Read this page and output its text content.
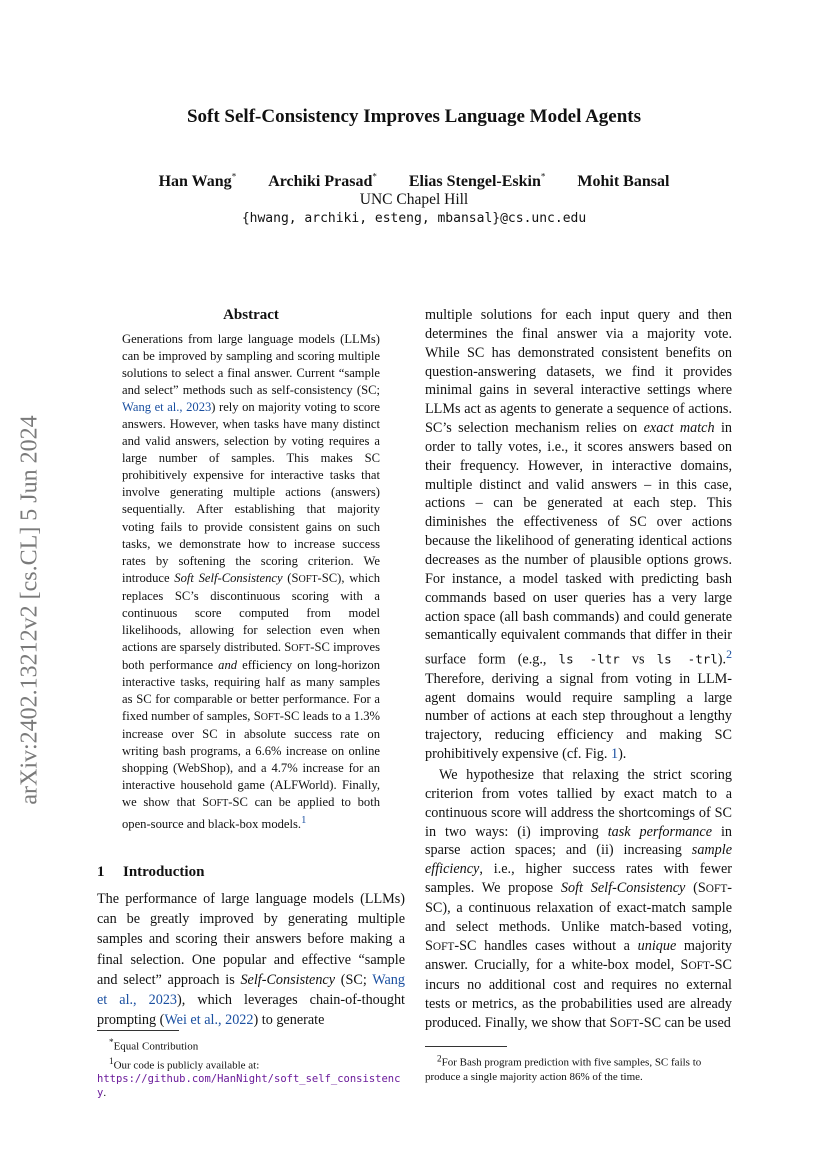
Soft Self-Consistency Improves Language Model Agents
Han Wang* Archiki Prasad* Elias Stengel-Eskin* Mohit Bansal
UNC Chapel Hill
{hwang, archiki, esteng, mbansal}@cs.unc.edu
arXiv:2402.13212v2 [cs.CL] 5 Jun 2024
Abstract
Generations from large language models (LLMs) can be improved by sampling and scoring multiple solutions to select a final answer. Current “sample and select” methods such as self-consistency (SC; Wang et al., 2023) rely on majority voting to score answers. However, when tasks have many distinct and valid answers, selection by voting requires a large number of samples. This makes SC prohibitively expensive for interactive tasks that involve generating multiple actions (answers) sequentially. After establishing that majority voting fails to provide consistent gains on such tasks, we demonstrate how to increase success rates by softening the scoring criterion. We introduce Soft Self-Consistency (SOFT-SC), which replaces SC’s discontinuous scoring with a continuous score computed from model likelihoods, allowing for selection even when actions are sparsely distributed. SOFT-SC improves both performance and efficiency on long-horizon interactive tasks, requiring half as many samples as SC for comparable or better performance. For a fixed number of samples, SOFT-SC leads to a 1.3% increase over SC in absolute success rate on writing bash programs, a 6.6% increase on online shopping (WebShop), and a 4.7% increase for an interactive household game (ALFWorld). Finally, we show that SOFT-SC can be applied to both open-source and black-box models.$^1$
1 Introduction
The performance of large language models (LLMs) can be greatly improved by generating multiple samples and scoring their answers before making a final selection. One popular and effective “sample and select” approach is Self-Consistency (SC; Wang et al., 2023), which leverages chain-of-thought prompting (Wei et al., 2022) to generate

multiple solutions for each input query and then determines the final answer via a majority vote. While SC has demonstrated consistent benefits on question-answering datasets, we find it provides minimal gains in several interactive settings where LLMs act as agents to generate a sequence of actions. SC’s selection mechanism relies on exact match in order to tally votes, i.e., it scores answers based on their frequency. However, in interactive domains, multiple distinct and valid answers – in this case, actions – can be generated at each step. This diminishes the effectiveness of SC over actions because the likelihood of generating identical actions decreases as the number of plausible options grows. For instance, a model tasked with predicting bash commands based on user queries has a very large action space (all bash commands) and could generate semantically equivalent commands that differ in their surface form (e.g., ls -ltr vs ls -trl).$^2$ Therefore, deriving a signal from voting in LLM-agent domains would require sampling a large number of actions at each step throughout a lengthy trajectory, reducing efficiency and making SC prohibitively expensive (cf. Fig. 1).

We hypothesize that relaxing the strict scoring criterion from votes tallied by exact match to a continuous score will address the shortcomings of SC in two ways: (i) improving task performance in sparse action spaces; and (ii) increasing sample efficiency, i.e., higher success rates with fewer samples. We propose Soft Self-Consistency (SOFT-SC), a continuous relaxation of exact-match sample and select methods. Unlike match-based voting, SOFT-SC handles cases without a unique majority answer. Crucially, for a white-box model, SOFT-SC incurs no additional cost and requires no external tests or metrics, as the probabilities used are already produced. Finally, we show that SOFT-SC can be used

*Equal Contribution
$^1$Our code is publicly available at:
https://github.com/HanNight/soft_self_consistency.
$^2$For Bash program prediction with five samples, SC fails to produce a single majority action 86% of the time.
